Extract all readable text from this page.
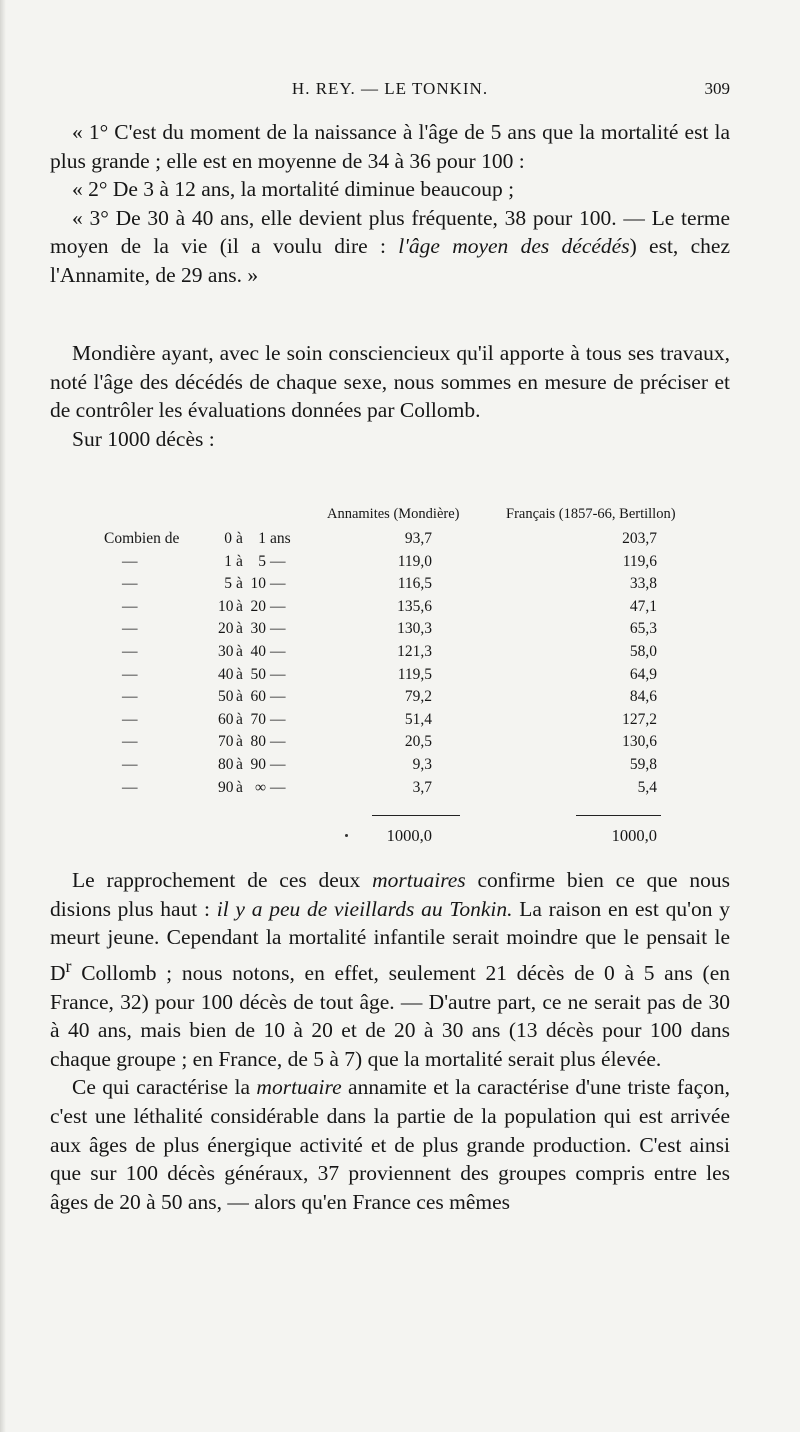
H. REY. — LE TONKIN.	309

« 1° C'est du moment de la naissance à l'âge de 5 ans que la mortalité est la plus grande ; elle est en moyenne de 34 à 36 pour 100 :

« 2° De 3 à 12 ans, la mortalité diminue beaucoup ;

« 3° De 30 à 40 ans, elle devient plus fréquente, 38 pour 100. — Le terme moyen de la vie (il a voulu dire : l'âge moyen des décédés) est, chez l'Annamite, de 29 ans. »

Mondière ayant, avec le soin consciencieux qu'il apporte à tous ses travaux, noté l'âge des décédés de chaque sexe, nous sommes en mesure de préciser et de contrôler les évaluations données par Collomb.

Sur 1000 décès :

Annamites (Mondière)	Français (1857-66, Bertillon)
Combien de	0 à 1 ans	93,7	203,7
—	1 à 5 —	119,0	119,6
—	5 à 10 —	116,5	33,8
—	10 à 20 —	135,6	47,1
—	20 à 30 —	130,3	65,3
—	30 à 40 —	121,3	58,0
—	40 à 50 —	119,5	64,9
—	50 à 60 —	79,2	84,6
—	60 à 70 —	51,4	127,2
—	70 à 80 —	20,5	130,6
—	80 à 90 —	9,3	59,8
—	90 à ∞ —	3,7	5,4
1000,0	1000,0

Le rapprochement de ces deux mortuaires confirme bien ce que nous disions plus haut : il y a peu de vieillards au Tonkin. La raison en est qu'on y meurt jeune. Cependant la mortalité infantile serait moindre que le pensait le $D^r$ Collomb ; nous notons, en effet, seulement 21 décès de 0 à 5 ans (en France, 32) pour 100 décès de tout âge. — D'autre part, ce ne serait pas de 30 à 40 ans, mais bien de 10 à 20 et de 20 à 30 ans (13 décès pour 100 dans chaque groupe ; en France, de 5 à 7) que la mortalité serait plus élevée.

Ce qui caractérise la mortuaire annamite et la caractérise d'une triste façon, c'est une léthalité considérable dans la partie de la population qui est arrivée aux âges de plus énergique activité et de plus grande production. C'est ainsi que sur 100 décès généraux, 37 proviennent des groupes compris entre les âges de 20 à 50 ans, — alors qu'en France ces mêmes
